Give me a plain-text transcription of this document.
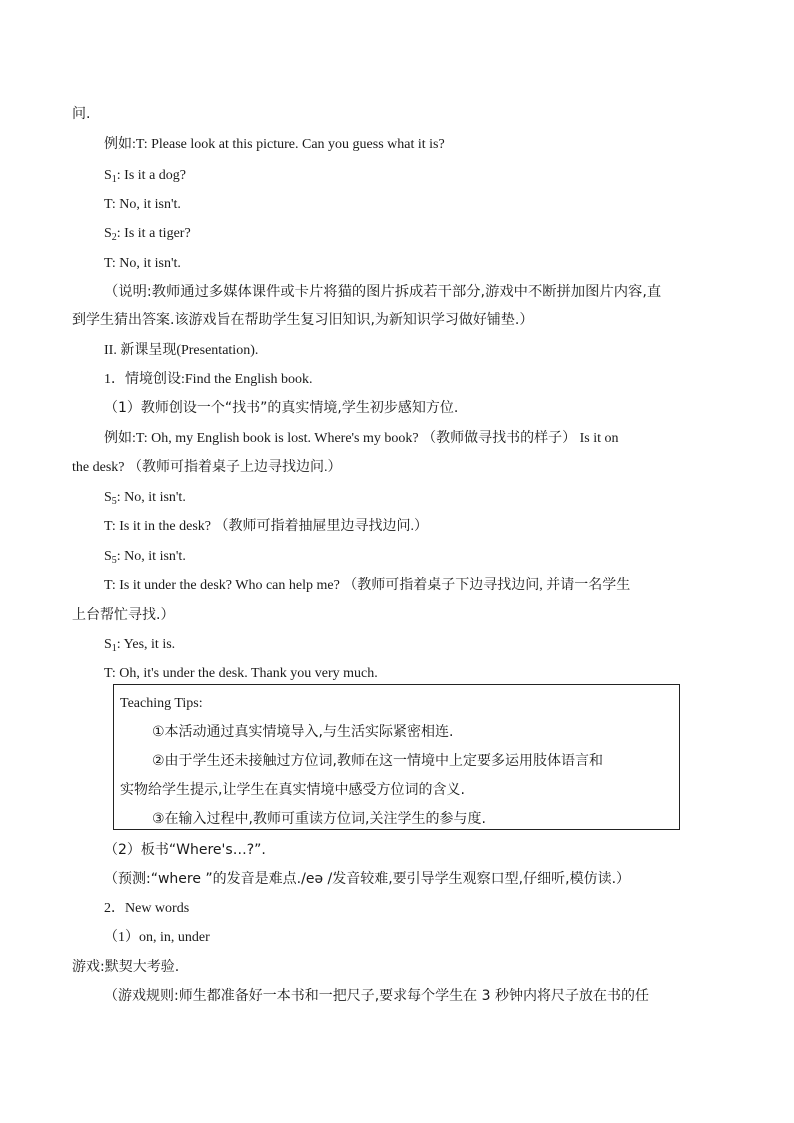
问.
例如:T: Please look at this picture. Can you guess what it is?
$S_1$: Is it a dog?
T: No, it isn't.
$S_2$: Is it a tiger?
T: No, it isn't.
（说明:教师通过多媒体课件或卡片将猫的图片拆成若干部分,游戏中不断拼加图片内容,直
到学生猜出答案.该游戏旨在帮助学生复习旧知识,为新知识学习做好铺垫.）
II. 新课呈现(Presentation).
1．情境创设:Find the English book.
（1）教师创设一个“找书”的真实情境,学生初步感知方位.
例如:T: Oh, my English book is lost. Where's my book? （教师做寻找书的样子） Is it on
the desk? （教师可指着桌子上边寻找边问.）
$S_5$: No, it isn't.
T: Is it in the desk? （教师可指着抽屉里边寻找边问.）
$S_5$: No, it isn't.
T: Is it under the desk? Who can help me? （教师可指着桌子下边寻找边问, 并请一名学生
上台帮忙寻找.）
$S_1$: Yes, it is.
T: Oh, it's under the desk. Thank you very much.
Teaching Tips:
①本活动通过真实情境导入,与生活实际紧密相连.
②由于学生还未接触过方位词,教师在这一情境中上定要多运用肢体语言和
实物给学生提示,让学生在真实情境中感受方位词的含义.
③在输入过程中,教师可重读方位词,关注学生的参与度.
（2）板书“Where's…?”.
（预测:“where ”的发音是难点./eə /发音较难,要引导学生观察口型,仔细听,模仿读.）
2．New words
（1）on, in, under
游戏:默契大考验.
（游戏规则:师生都准备好一本书和一把尺子,要求每个学生在 3 秒钟内将尺子放在书的任
